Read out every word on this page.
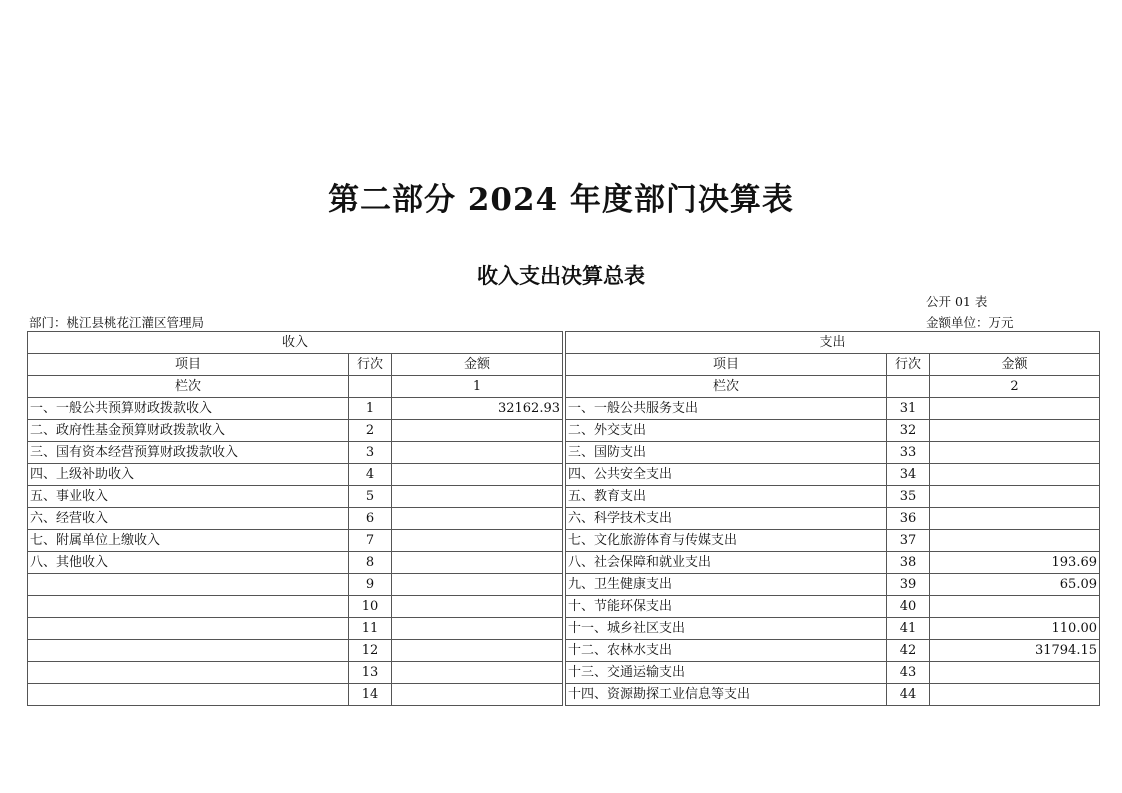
第二部分 2024 年度部门决算表
收入支出决算总表
公开 01 表
部门：桃江县桃花江灌区管理局	金额单位：万元
收入				支出		
项目	行次	金额		项目	行次	金额
栏次		1		栏次		2
一、一般公共预算财政拨款收入	1	32162.93		一、一般公共服务支出	31	
二、政府性基金预算财政拨款收入	2			二、外交支出	32	
三、国有资本经营预算财政拨款收入	3			三、国防支出	33	
四、上级补助收入	4			四、公共安全支出	34	
五、事业收入	5			五、教育支出	35	
六、经营收入	6			六、科学技术支出	36	
七、附属单位上缴收入	7			七、文化旅游体育与传媒支出	37	
八、其他收入	8			八、社会保障和就业支出	38	193.69
	9			九、卫生健康支出	39	65.09
	10			十、节能环保支出	40	
	11			十一、城乡社区支出	41	110.00
	12			十二、农林水支出	42	31794.15
	13			十三、交通运输支出	43	
	14			十四、资源勘探工业信息等支出	44	
